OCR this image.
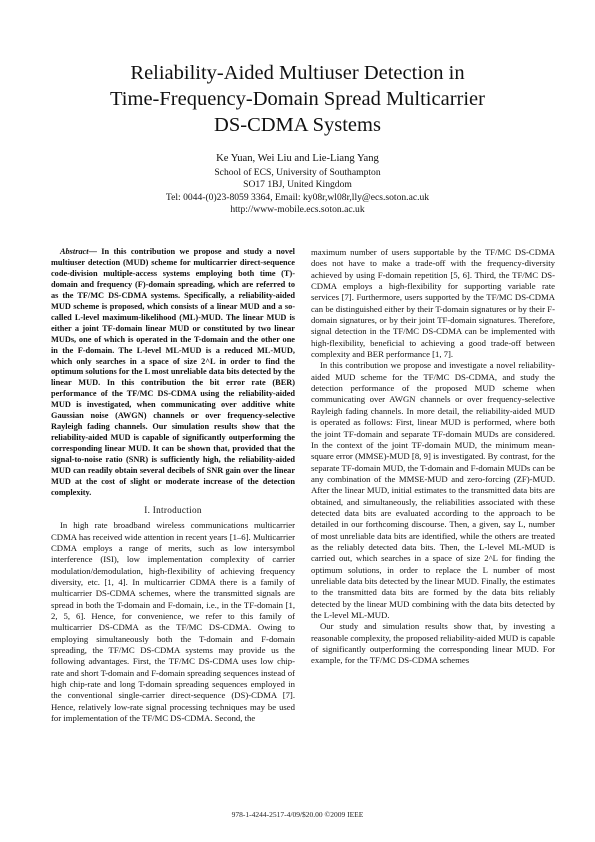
Reliability-Aided Multiuser Detection in
Time-Frequency-Domain Spread Multicarrier
DS-CDMA Systems
Ke Yuan, Wei Liu and Lie-Liang Yang
School of ECS, University of Southampton
SO17 1BJ, United Kingdom
Tel: 0044-(0)23-8059 3364, Email: ky08r,wl08r,lly@ecs.soton.ac.uk
http://www-mobile.ecs.soton.ac.uk

Abstract— In this contribution we propose and study a novel multiuser detection (MUD) scheme for multicarrier direct-sequence code-division multiple-access systems employing both time (T)-domain and frequency (F)-domain spreading, which are referred to as the TF/MC DS-CDMA systems. Specifically, a reliability-aided MUD scheme is proposed, which consists of a linear MUD and a so-called L-level maximum-likelihood (ML)-MUD. The linear MUD is either a joint TF-domain linear MUD or constituted by two linear MUDs, one of which is operated in the T-domain and the other one in the F-domain. The L-level ML-MUD is a reduced ML-MUD, which only searches in a space of size 2^L in order to find the optimum solutions for the L most unreliable data bits detected by the linear MUD. In this contribution the bit error rate (BER) performance of the TF/MC DS-CDMA using the reliability-aided MUD is investigated, when communicating over additive white Gaussian noise (AWGN) channels or over frequency-selective Rayleigh fading channels. Our simulation results show that the reliability-aided MUD is capable of significantly outperforming the corresponding linear MUD. It can be shown that, provided that the signal-to-noise ratio (SNR) is sufficiently high, the reliability-aided MUD can readily obtain several decibels of SNR gain over the linear MUD at the cost of slight or moderate increase of the detection complexity.

I. Introduction

In high rate broadband wireless communications multicarrier CDMA has received wide attention in recent years [1–6]. Multicarrier CDMA employs a range of merits, such as low intersymbol interference (ISI), low implementation complexity of carrier modulation/demodulation, high-flexibility of achieving frequency diversity, etc. [1, 4]. In multicarrier CDMA there is a family of multicarrier DS-CDMA schemes, where the transmitted signals are spread in both the T-domain and F-domain, i.e., in the TF-domain [1, 2, 5, 6]. Hence, for convenience, we refer to this family of multicarrier DS-CDMA as the TF/MC DS-CDMA. Owing to employing simultaneously both the T-domain and F-domain spreading, the TF/MC DS-CDMA systems may provide us the following advantages. First, the TF/MC DS-CDMA uses low chip-rate and short T-domain and F-domain spreading sequences instead of high chip-rate and long T-domain spreading sequences employed in the conventional single-carrier direct-sequence (DS)-CDMA [7]. Hence, relatively low-rate signal processing techniques may be used for implementation of the TF/MC DS-CDMA. Second, the

maximum number of users supportable by the TF/MC DS-CDMA does not have to make a trade-off with the frequency-diversity achieved by using F-domain repetition [5, 6]. Third, the TF/MC DS-CDMA employs a high-flexibility for supporting variable rate services [7]. Furthermore, users supported by the TF/MC DS-CDMA can be distinguished either by their T-domain signatures or by their F-domain signatures, or by their joint TF-domain signatures. Therefore, signal detection in the TF/MC DS-CDMA can be implemented with high-flexibility, beneficial to achieving a good trade-off between complexity and BER performance [1, 7].

In this contribution we propose and investigate a novel reliability-aided MUD scheme for the TF/MC DS-CDMA, and study the detection performance of the proposed MUD scheme when communicating over AWGN channels or over frequency-selective Rayleigh fading channels. In more detail, the reliability-aided MUD is operated as follows: First, linear MUD is performed, where both the joint TF-domain and separate TF-domain MUDs are considered. In the context of the joint TF-domain MUD, the minimum mean-square error (MMSE)-MUD [8, 9] is investigated. By contrast, for the separate TF-domain MUD, the T-domain and F-domain MUDs can be any combination of the MMSE-MUD and zero-forcing (ZF)-MUD. After the linear MUD, initial estimates to the transmitted data bits are obtained, and simultaneously, the reliabilities associated with these detected data bits are evaluated according to the approach to be detailed in our forthcoming discourse. Then, a given, say L, number of most unreliable data bits are identified, while the others are treated as the reliably detected data bits. Then, the L-level ML-MUD is carried out, which searches in a space of size 2^L for finding the optimum solutions, in order to replace the L number of most unreliable data bits detected by the linear MUD. Finally, the estimates to the transmitted data bits are formed by the data bits reliably detected by the linear MUD combining with the data bits detected by the L-level ML-MUD.

Our study and simulation results show that, by investing a reasonable complexity, the proposed reliability-aided MUD is capable of significantly outperforming the corresponding linear MUD. For example, for the TF/MC DS-CDMA schemes

978-1-4244-2517-4/09/$20.00 ©2009 IEEE
